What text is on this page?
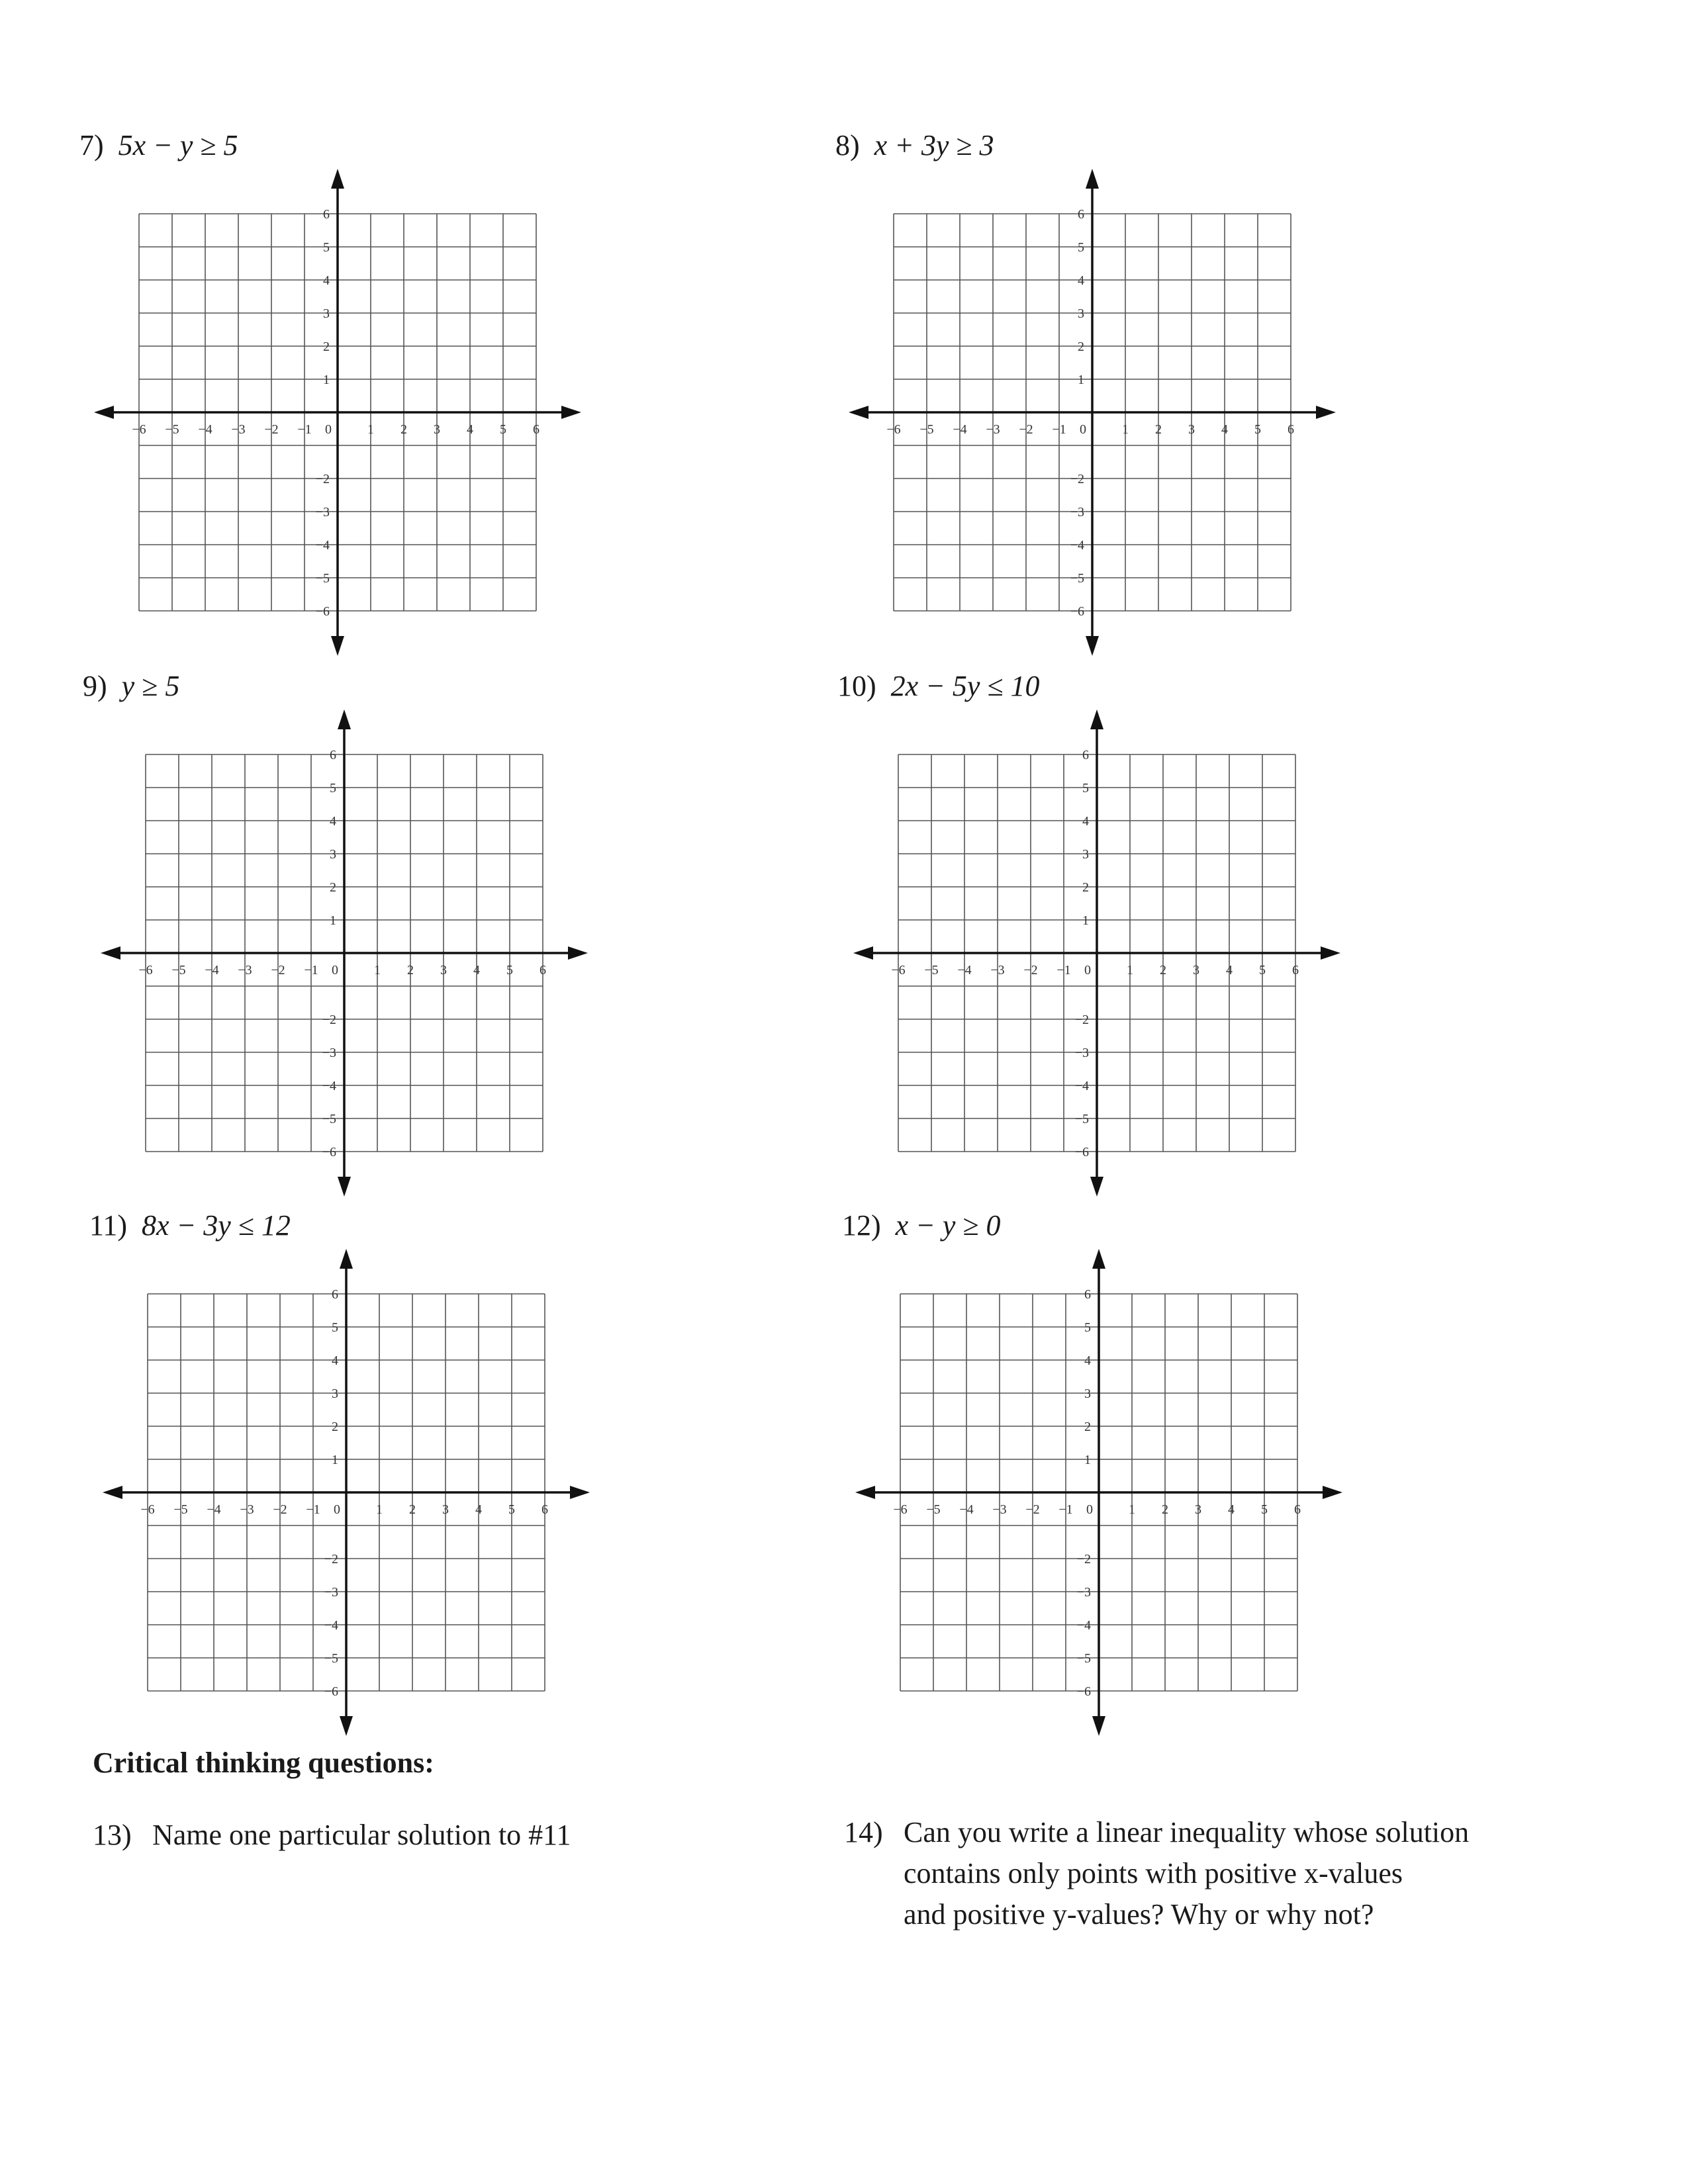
7) 5x − y ≥ 5	8) x + 3y ≥ 3
9) y ≥ 5	10) 2x − 5y ≤ 10
11) 8x − 3y ≤ 12	12) x − y ≥ 0
−6 −5 −4 −3 −2 −1 0	1 2 3 4 5 6
1
2
3
4
5
6
−2
−3
−4
−5
−6
−6 −5 −4 −3 −2 −1 0	1 2 3 4 5 6
1
2
3
4
5
6
−2
−3
−4
−5
−6
−6 −5 −4 −3 −2 −1 0	1 2 3 4 5 6
1
2
3
4
5
6
−2
−3
−4
−5
−6
−6 −5 −4 −3 −2 −1 0	1 2 3 4 5 6
1
2
3
4
5
6
−2
−3
−4
−5
−6
−6 −5 −4 −3 −2 −1 0	1 2 3 4 5 6
1
2
3
4
5
6
−2
−3
−4
−5
−6
−6 −5 −4 −3 −2 −1 0	1 2 3 4 5 6
1
2
3
4
5
6
−2
−3
−4
−5
−6
Critical thinking questions:
13) Name one particular solution to #11	14) Can you write a linear inequality whose solution
contains only points with positive x-values
and positive y-values? Why or why not?
